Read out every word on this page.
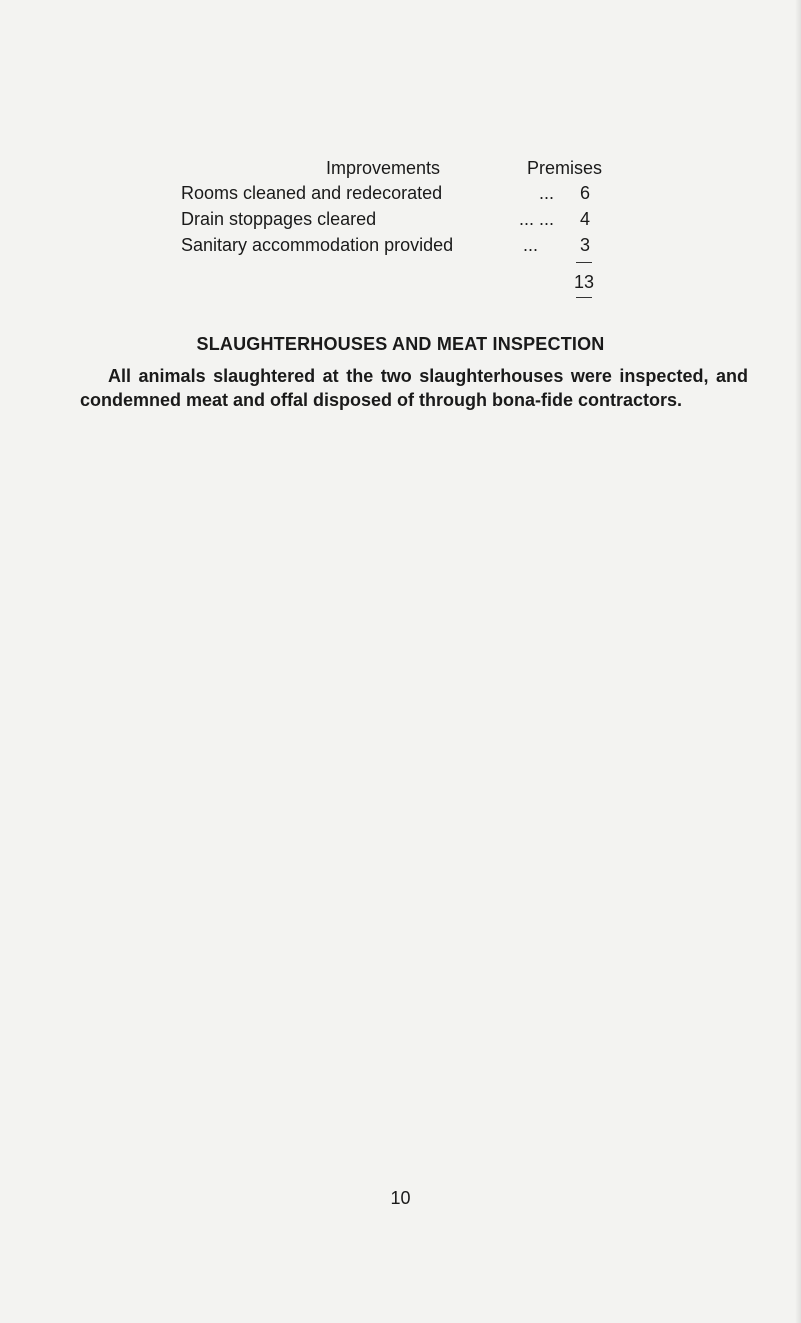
Improvements	Premises
Rooms cleaned and redecorated	... 6
Drain stoppages cleared	... ... 4
Sanitary accommodation provided	... 3
13
SLAUGHTERHOUSES AND MEAT INSPECTION
All animals slaughtered at the two slaughterhouses were inspected, and condemned meat and offal disposed of through bona-fide contractors.
10
